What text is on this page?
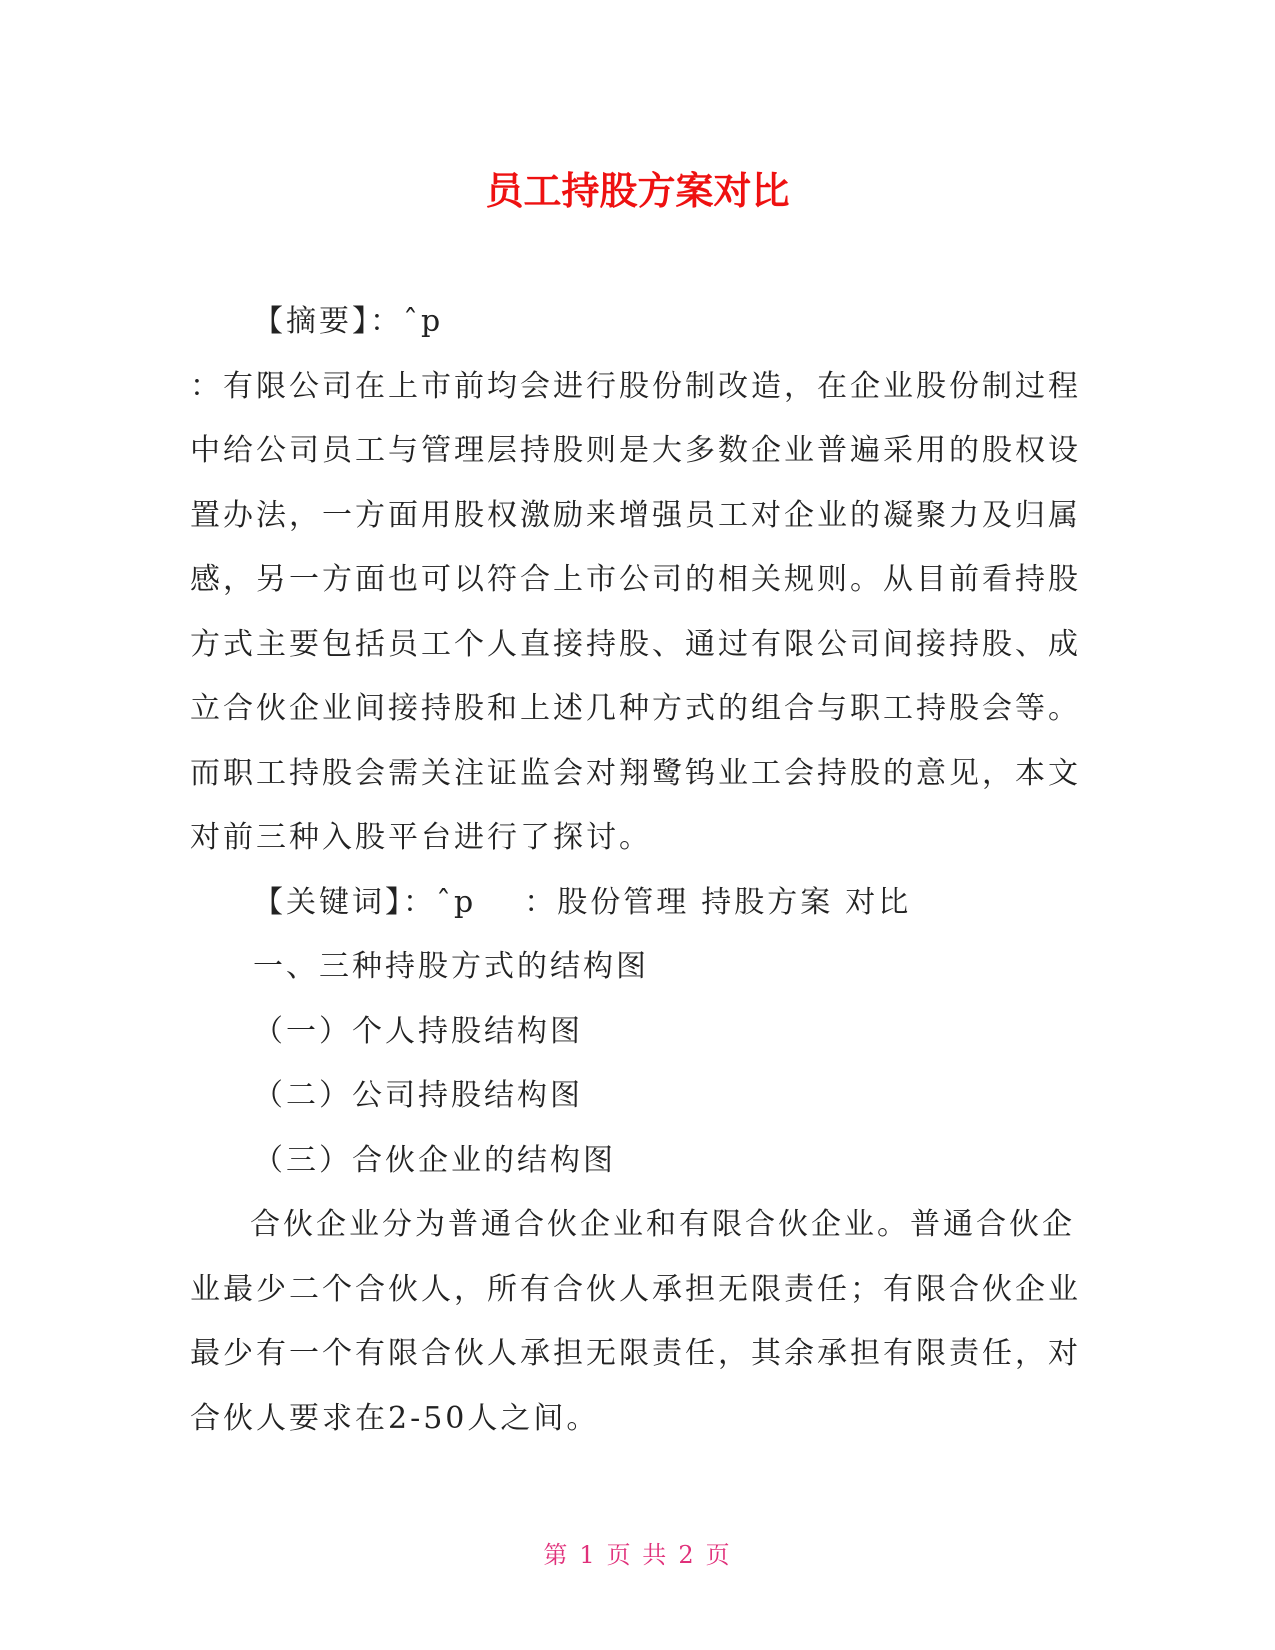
员工持股方案对比

【摘要】：ˆp

：有限公司在上市前均会进行股份制改造，在企业股份制过程中给公司员工与管理层持股则是大多数企业普遍采用的股权设置办法，一方面用股权激励来增强员工对企业的凝聚力及归属感，另一方面也可以符合上市公司的相关规则。从目前看持股方式主要包括员工个人直接持股、通过有限公司间接持股、成立合伙企业间接持股和上述几种方式的组合与职工持股会等。而职工持股会需关注证监会对翔鹭钨业工会持股的意见，本文对前三种入股平台进行了探讨。

【关键词】：ˆp ：股份管理 持股方案 对比

一、三种持股方式的结构图

（一）个人持股结构图

（二）公司持股结构图

（三）合伙企业的结构图

合伙企业分为普通合伙企业和有限合伙企业。普通合伙企业最少二个合伙人，所有合伙人承担无限责任；有限合伙企业最少有一个有限合伙人承担无限责任，其余承担有限责任，对合伙人要求在2-50人之间。

第 1 页 共 2 页
